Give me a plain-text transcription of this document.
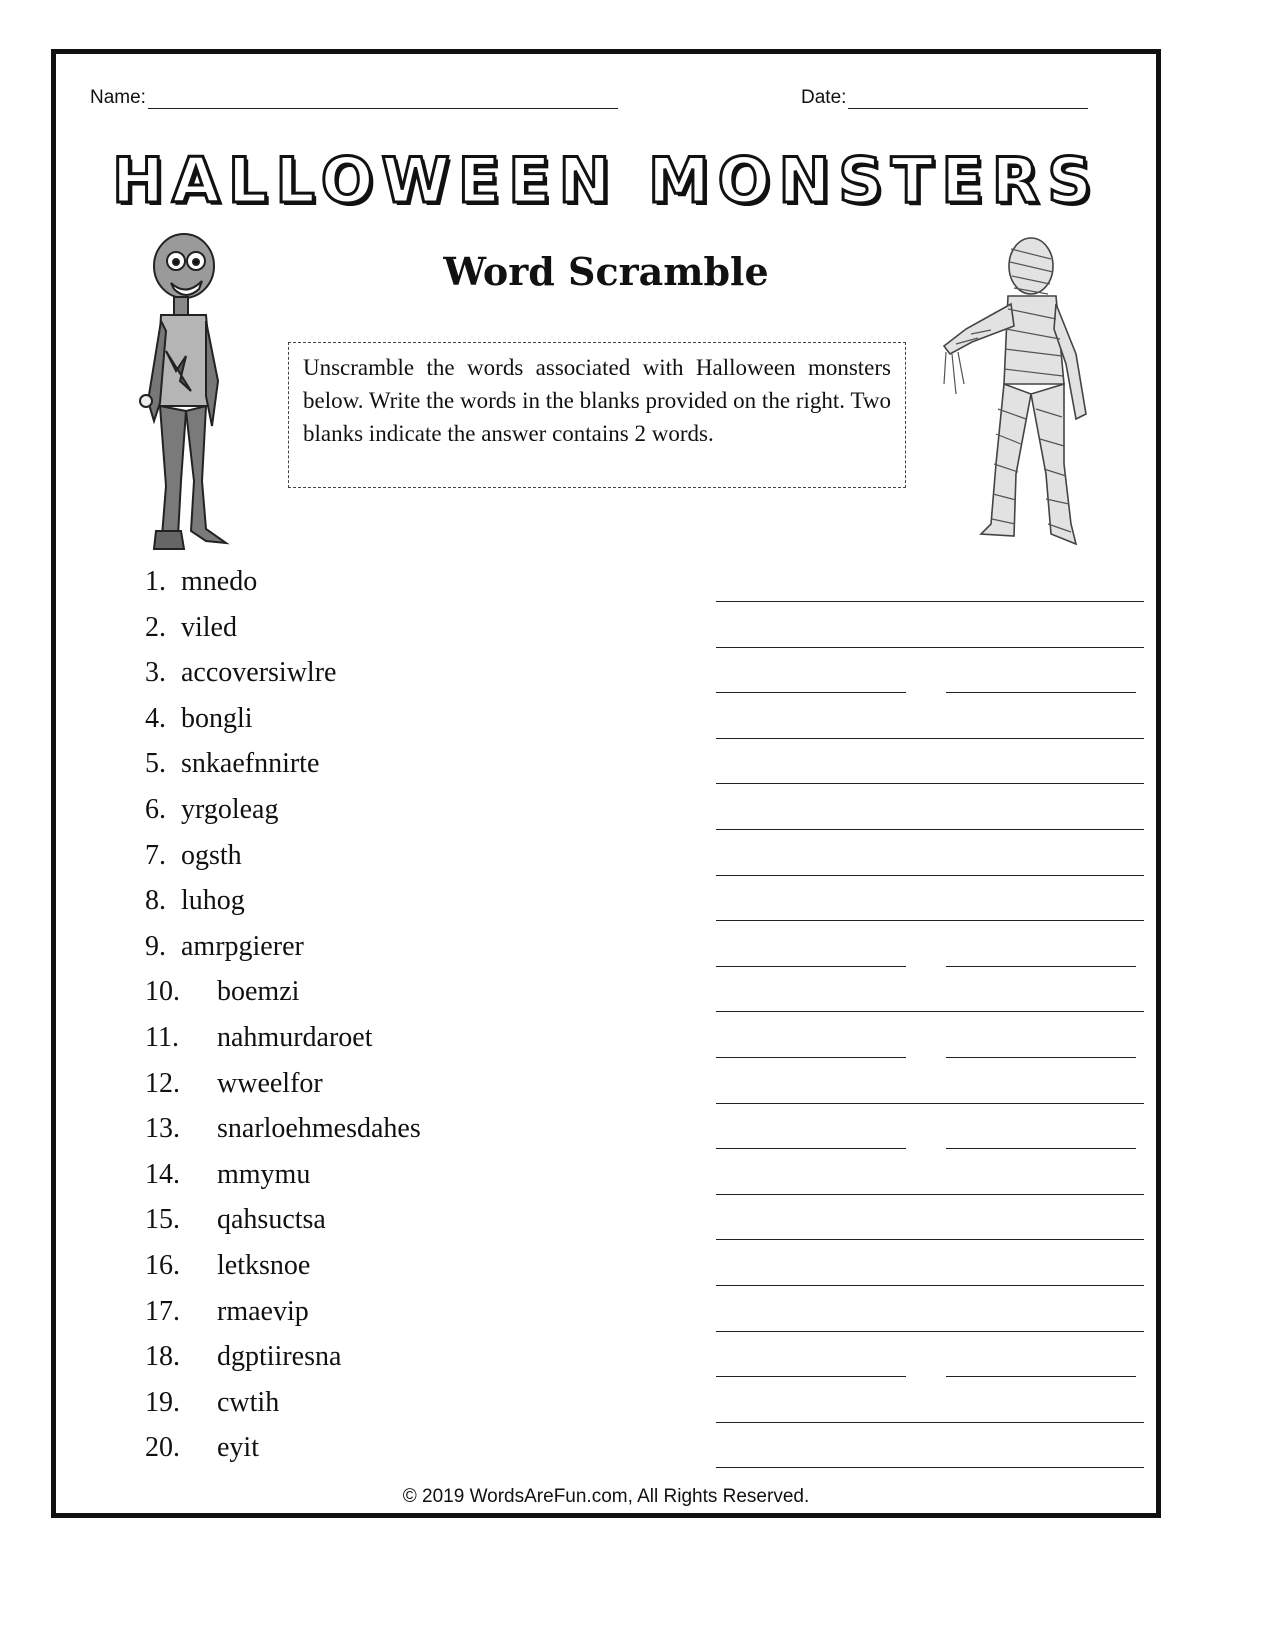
Name:	Date:
HALLOWEEN MONSTERS
Word Scramble
Unscramble the words associated with Halloween monsters below. Write the words in the blanks provided on the right. Two blanks indicate the answer contains 2 words.
1. mnedo
2. viled
3. accoversiwlre
4. bongli
5. snkaefnnirte
6. yrgoleag
7. ogsth
8. luhog
9. amrpgierer
10. boemzi
11. nahmurdaroet
12. wweelfor
13. snarloehmesdahes
14. mmymu
15. qahsuctsa
16. letksnoe
17. rmaevip
18. dgptiiresna
19. cwtih
20. eyit
© 2019 WordsAreFun.com, All Rights Reserved.
